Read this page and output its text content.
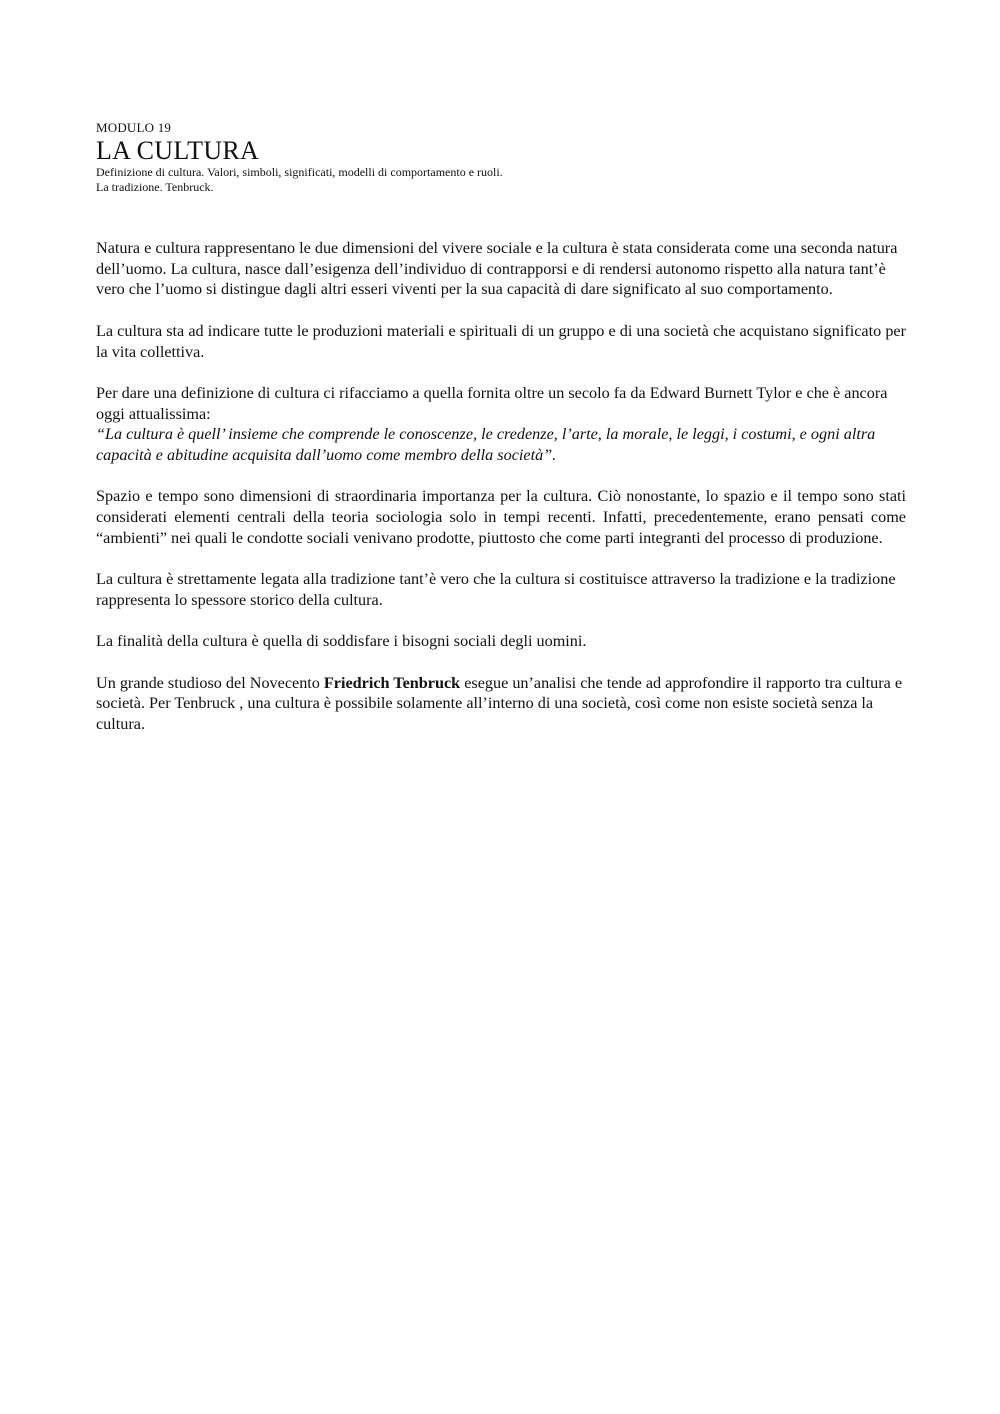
MODULO 19
LA CULTURA
Definizione di cultura. Valori, simboli, significati, modelli di comportamento e ruoli.
La tradizione. Tenbruck.

Natura e cultura rappresentano le due dimensioni del vivere sociale e la cultura è stata considerata come una seconda natura dell’uomo. La cultura, nasce dall’esigenza dell’individuo di contrapporsi e di rendersi autonomo rispetto alla natura tant’è vero che l’uomo si distingue dagli altri esseri viventi per la sua capacità di dare significato al suo comportamento.

La cultura sta ad indicare tutte le produzioni materiali e spirituali di un gruppo e di una società che acquistano significato per la vita collettiva.

Per dare una definizione di cultura ci rifacciamo a quella fornita oltre un secolo fa da Edward Burnett Tylor e che è ancora oggi attualissima:
“La cultura è quell’ insieme che comprende le conoscenze, le credenze, l’arte, la morale, le leggi, i costumi, e ogni altra capacità e abitudine acquisita dall’uomo come membro della società”.

Spazio e tempo sono dimensioni di straordinaria importanza per la cultura. Ciò nonostante, lo spazio e il tempo sono stati considerati elementi centrali della teoria sociologia solo in tempi recenti. Infatti, precedentemente, erano pensati come “ambienti” nei quali le condotte sociali venivano prodotte, piuttosto che come parti integranti del processo di produzione.

La cultura è strettamente legata alla tradizione tant’è vero che la cultura si costituisce attraverso la tradizione e la tradizione rappresenta lo spessore storico della cultura.

La finalità della cultura è quella di soddisfare i bisogni sociali degli uomini.

Un grande studioso del Novecento Friedrich Tenbruck esegue un’analisi che tende ad approfondire il rapporto tra cultura e società. Per Tenbruck , una cultura è possibile solamente all’interno di una società, così come non esiste società senza la cultura.
